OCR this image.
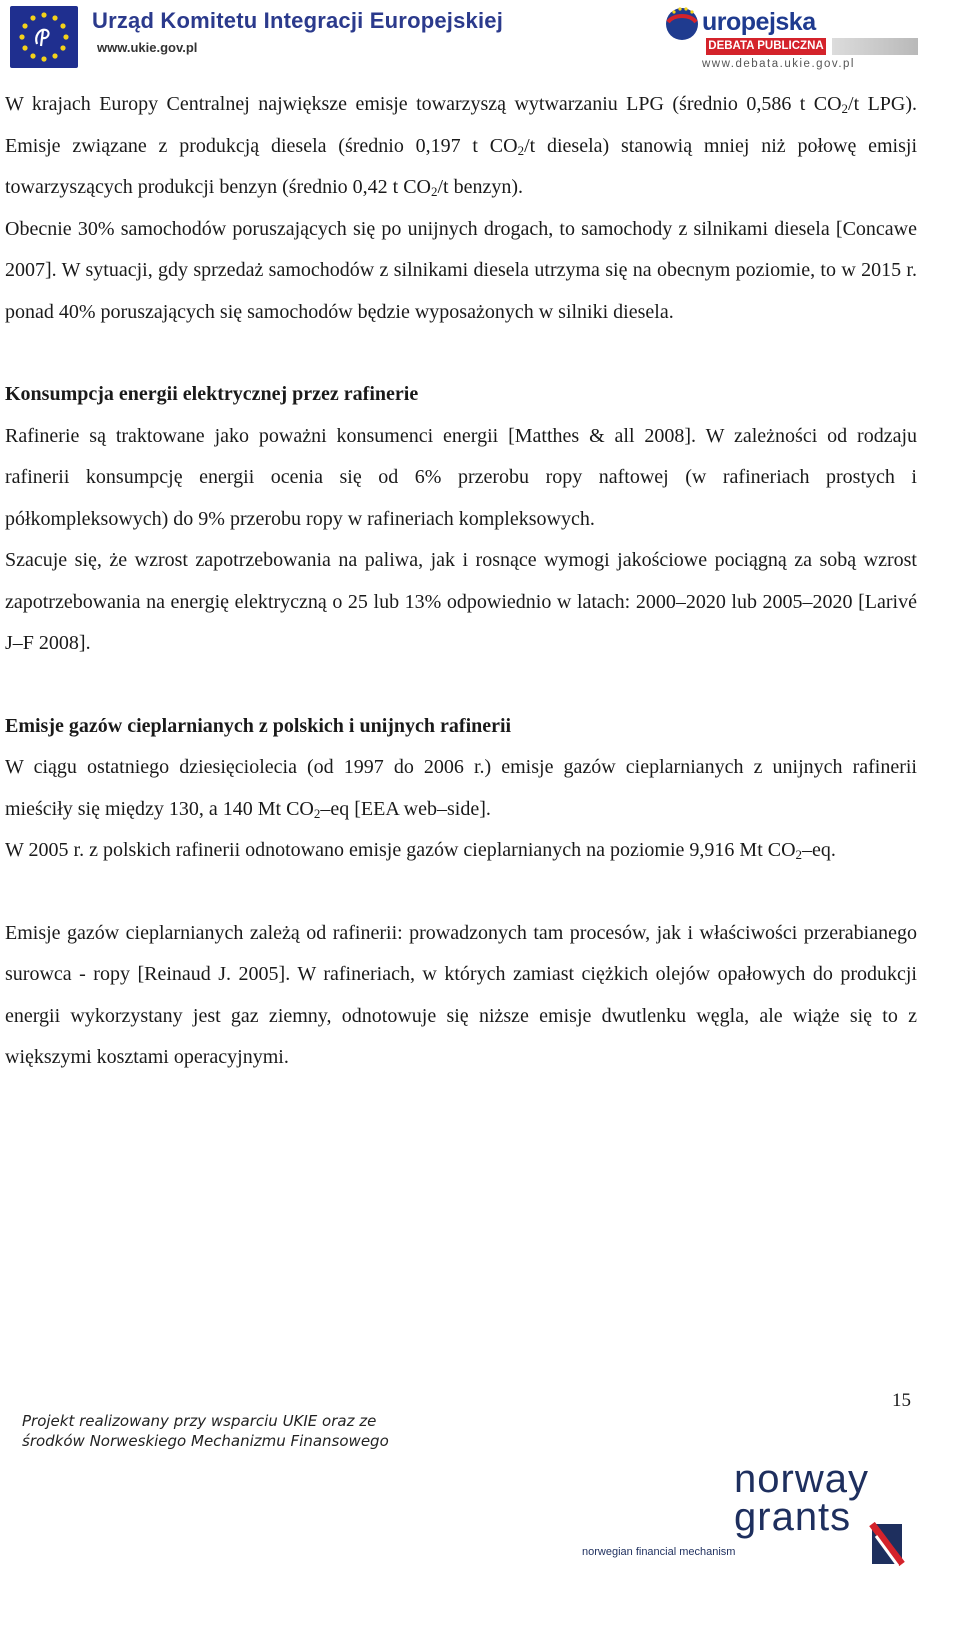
Urząd Komitetu Integracji Europejskiej
www.ukie.gov.pl
uropejska
DEBATA PUBLICZNA
www.debata.ukie.gov.pl

W krajach Europy Centralnej największe emisje towarzyszą wytwarzaniu LPG (średnio 0,586 t $CO_2/t$ LPG). Emisje związane z produkcją diesela (średnio 0,197 t $CO_2/t$ diesela) stanowią mniej niż połowę emisji towarzyszących produkcji benzyn (średnio 0,42 t $CO_2/t$ benzyn).

Obecnie 30% samochodów poruszających się po unijnych drogach, to samochody z silnikami diesela [Concawe 2007]. W sytuacji, gdy sprzedaż samochodów z silnikami diesela utrzyma się na obecnym poziomie, to w 2015 r. ponad 40% poruszających się samochodów będzie wyposażonych w silniki diesela.

Konsumpcja energii elektrycznej przez rafinerie

Rafinerie są traktowane jako poważni konsumenci energii [Matthes & all 2008]. W zależności od rodzaju rafinerii konsumpcję energii ocenia się od 6% przerobu ropy naftowej (w rafineriach prostych i półkompleksowych) do 9% przerobu ropy w rafineriach kompleksowych.

Szacuje się, że wzrost zapotrzebowania na paliwa, jak i rosnące wymogi jakościowe pociągną za sobą wzrost zapotrzebowania na energię elektryczną o 25 lub 13% odpowiednio w latach: 2000–2020 lub 2005–2020 [Larivé J–F 2008].

Emisje gazów cieplarnianych z polskich i unijnych rafinerii

W ciągu ostatniego dziesięciolecia (od 1997 do 2006 r.) emisje gazów cieplarnianych z unijnych rafinerii mieściły się między 130, a 140 Mt $CO_2-eq$ [EEA web–side].

W 2005 r. z polskich rafinerii odnotowano emisje gazów cieplarnianych na poziomie 9,916 Mt $CO_2-eq$.

Emisje gazów cieplarnianych zależą od rafinerii: prowadzonych tam procesów, jak i właściwości przerabianego surowca - ropy [Reinaud J. 2005]. W rafineriach, w których zamiast ciężkich olejów opałowych do produkcji energii wykorzystany jest gaz ziemny, odnotowuje się niższe emisje dwutlenku węgla, ale wiąże się to z większymi kosztami operacyjnymi.

15
Projekt realizowany przy wsparciu UKIE oraz ze
środków Norweskiego Mechanizmu Finansowego
norway
grants
norwegian financial mechanism
